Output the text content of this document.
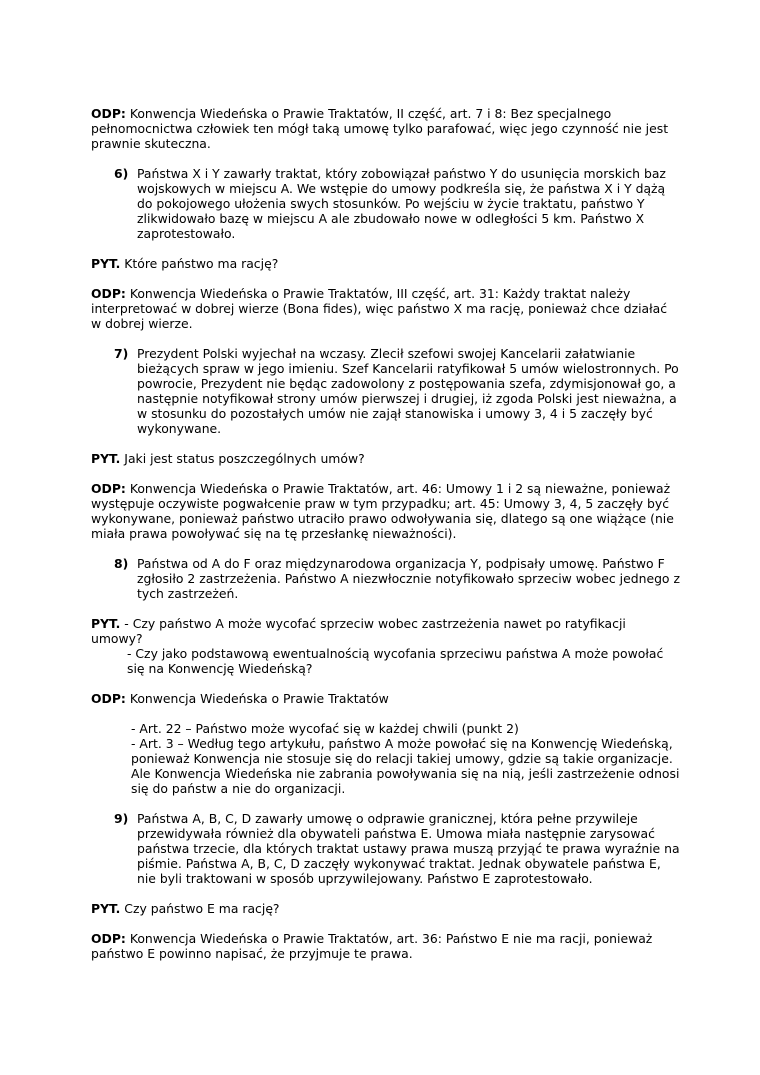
ODP: Konwencja Wiedeńska o Prawie Traktatów, II część, art. 7 i 8: Bez specjalnego pełnomocnictwa człowiek ten mógł taką umowę tylko parafować, więc jego czynność nie jest prawnie skuteczna.

6) Państwa X i Y zawarły traktat, który zobowiązał państwo Y do usunięcia morskich baz wojskowych w miejscu A. We wstępie do umowy podkreśla się, że państwa X i Y dążą do pokojowego ułożenia swych stosunków. Po wejściu w życie traktatu, państwo Y zlikwidowało bazę w miejscu A ale zbudowało nowe w odległości 5 km. Państwo X zaprotestowało.

PYT. Które państwo ma rację?

ODP: Konwencja Wiedeńska o Prawie Traktatów, III część, art. 31: Każdy traktat należy interpretować w dobrej wierze (Bona fides), więc państwo X ma rację, ponieważ chce działać w dobrej wierze.

7) Prezydent Polski wyjechał na wczasy. Zlecił szefowi swojej Kancelarii załatwianie bieżących spraw w jego imieniu. Szef Kancelarii ratyfikował 5 umów wielostronnych. Po powrocie, Prezydent nie będąc zadowolony z postępowania szefa, zdymisjonował go, a następnie notyfikował strony umów pierwszej i drugiej, iż zgoda Polski jest nieważna, a w stosunku do pozostałych umów nie zajął stanowiska i umowy 3, 4 i 5 zaczęły być wykonywane.

PYT. Jaki jest status poszczególnych umów?

ODP: Konwencja Wiedeńska o Prawie Traktatów, art. 46: Umowy 1 i 2 są nieważne, ponieważ występuje oczywiste pogwałcenie praw w tym przypadku; art. 45: Umowy 3, 4, 5 zaczęły być wykonywane, ponieważ państwo utraciło prawo odwoływania się, dlatego są one wiążące (nie miała prawa powoływać się na tę przesłankę nieważności).

8) Państwa od A do F oraz międzynarodowa organizacja Y, podpisały umowę. Państwo F zgłosiło 2 zastrzeżenia. Państwo A niezwłocznie notyfikowało sprzeciw wobec jednego z tych zastrzeżeń.

PYT. - Czy państwo A może wycofać sprzeciw wobec zastrzeżenia nawet po ratyfikacji umowy?

- Czy jako podstawową ewentualnością wycofania sprzeciwu państwa A może powołać się na Konwencję Wiedeńską?

ODP: Konwencja Wiedeńska o Prawie Traktatów

- Art. 22 – Państwo może wycofać się w każdej chwili (punkt 2)

- Art. 3 – Według tego artykułu, państwo A może powołać się na Konwencję Wiedeńską, ponieważ Konwencja nie stosuje się do relacji takiej umowy, gdzie są takie organizacje. Ale Konwencja Wiedeńska nie zabrania powoływania się na nią, jeśli zastrzeżenie odnosi się do państw a nie do organizacji.

9) Państwa A, B, C, D zawarły umowę o odprawie granicznej, która pełne przywileje przewidywała również dla obywateli państwa E. Umowa miała następnie zarysować państwa trzecie, dla których traktat ustawy prawa muszą przyjąć te prawa wyraźnie na piśmie. Państwa A, B, C, D zaczęły wykonywać traktat. Jednak obywatele państwa E, nie byli traktowani w sposób uprzywilejowany. Państwo E zaprotestowało.

PYT. Czy państwo E ma rację?

ODP: Konwencja Wiedeńska o Prawie Traktatów, art. 36: Państwo E nie ma racji, ponieważ państwo E powinno napisać, że przyjmuje te prawa.
